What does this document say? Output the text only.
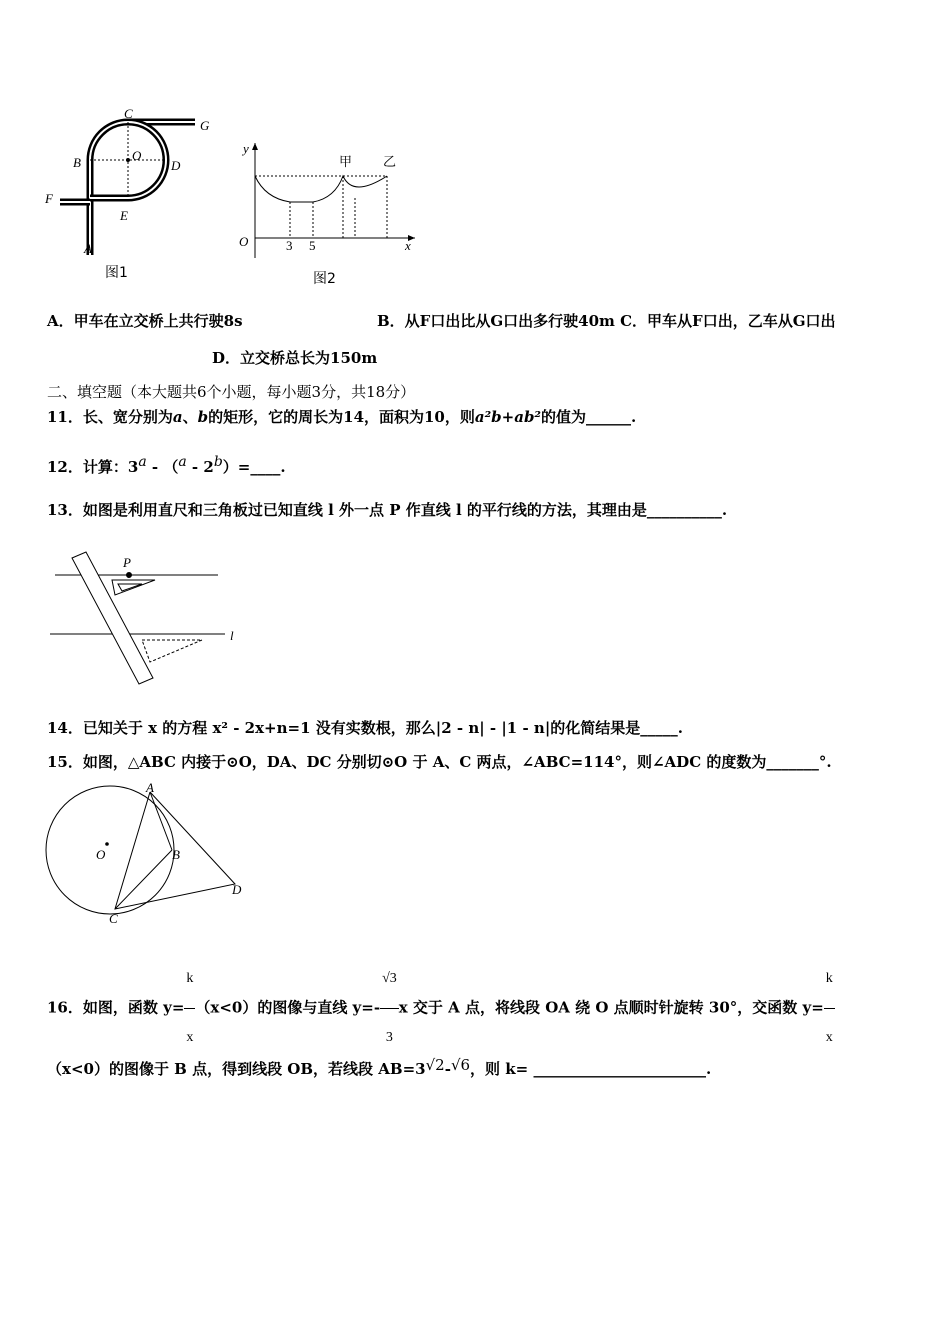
A
B
C
D
E
F
G
O
图1
y
x
O	3 5
甲 乙
图2
A．甲车在立交桥上共行驶8s	B．从F口出比从G口出多行驶40m C．甲车从F口出，乙车从G口出
D．立交桥总长为150m
二、填空题（本大题共6个小题，每小题3分，共18分）
11．长、宽分别为a、b的矩形，它的周长为14，面积为10，则a²b+ab²的值为______.
12．计算：3a - （a - 2b）=____.
13．如图是利用直尺和三角板过已知直线 l 外一点 P 作直线 l 的平行线的方法，其理由是__________.
P
l
14．已知关于 x 的方程 x² - 2x+n=1 没有实数根，那么|2 - n| - |1 - n|的化简结果是_____.
15．如图，△ABC 内接于⊙O，DA、DC 分别切⊙O 于 A、C 两点，∠ABC=114°，则∠ADC 的度数为_______°.
A
B
C
D
O
16．如图，函数 $y= \frac{k}{x} (x<0)$的图像与直线 $y=- \frac{√3}{3}$ x 交于 A 点，将线段 OA 绕 O 点顺时针旋转 30°，交函数 $y= \frac{k}{x}$
（x<0）的图像于 B 点，得到线段 OB，若线段 AB=3√2-√6，则 k= _______________________.
